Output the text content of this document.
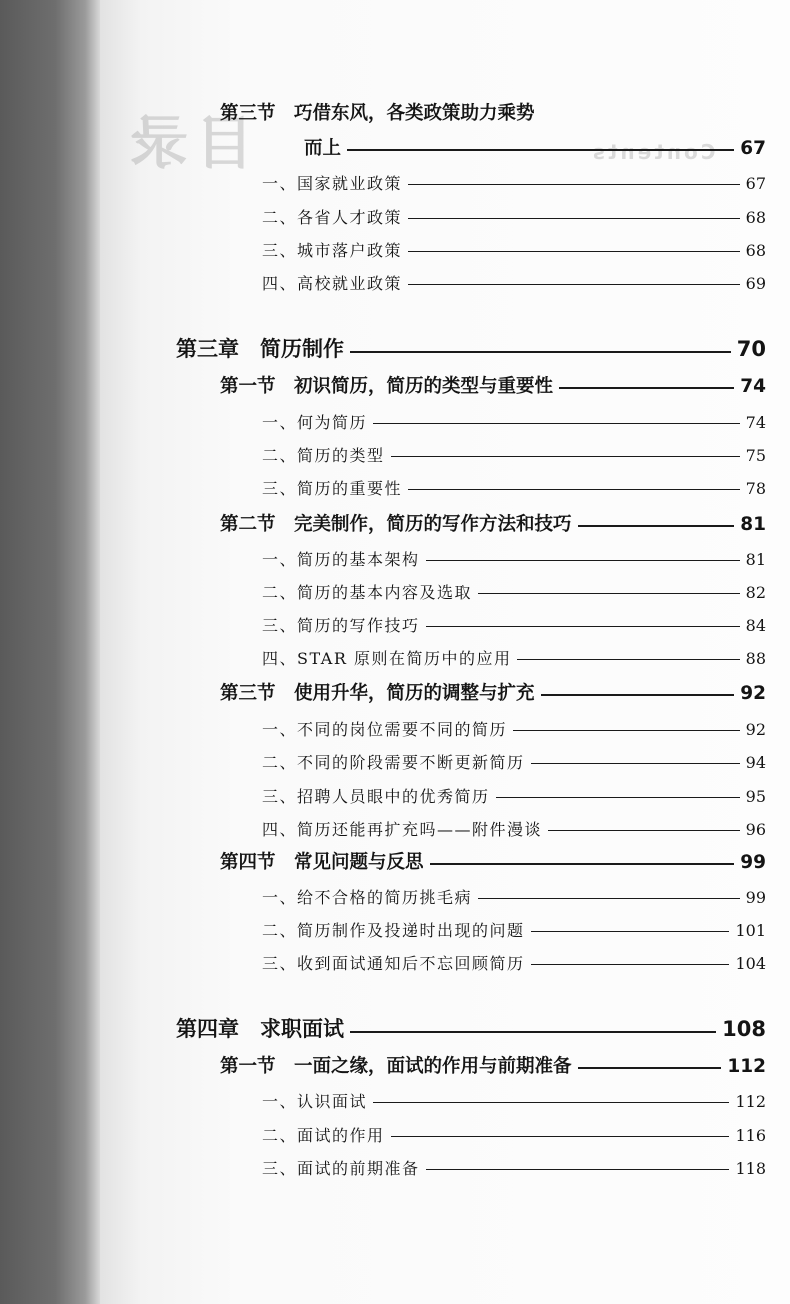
目录	Contents
第三节　巧借东风，各类政策助力乘势
而上	67
一、国家就业政策	67
二、各省人才政策	68
三、城市落户政策	68
四、高校就业政策	69
第三章　简历制作	70
第一节　初识简历，简历的类型与重要性	74
一、何为简历	74
二、简历的类型	75
三、简历的重要性	78
第二节　完美制作，简历的写作方法和技巧	81
一、简历的基本架构	81
二、简历的基本内容及选取	82
三、简历的写作技巧	84
四、STAR 原则在简历中的应用	88
第三节　使用升华，简历的调整与扩充	92
一、不同的岗位需要不同的简历	92
二、不同的阶段需要不断更新简历	94
三、招聘人员眼中的优秀简历	95
四、简历还能再扩充吗——附件漫谈	96
第四节　常见问题与反思	99
一、给不合格的简历挑毛病	99
二、简历制作及投递时出现的问题	101
三、收到面试通知后不忘回顾简历	104
第四章　求职面试	108
第一节　一面之缘，面试的作用与前期准备	112
一、认识面试	112
二、面试的作用	116
三、面试的前期准备	118
